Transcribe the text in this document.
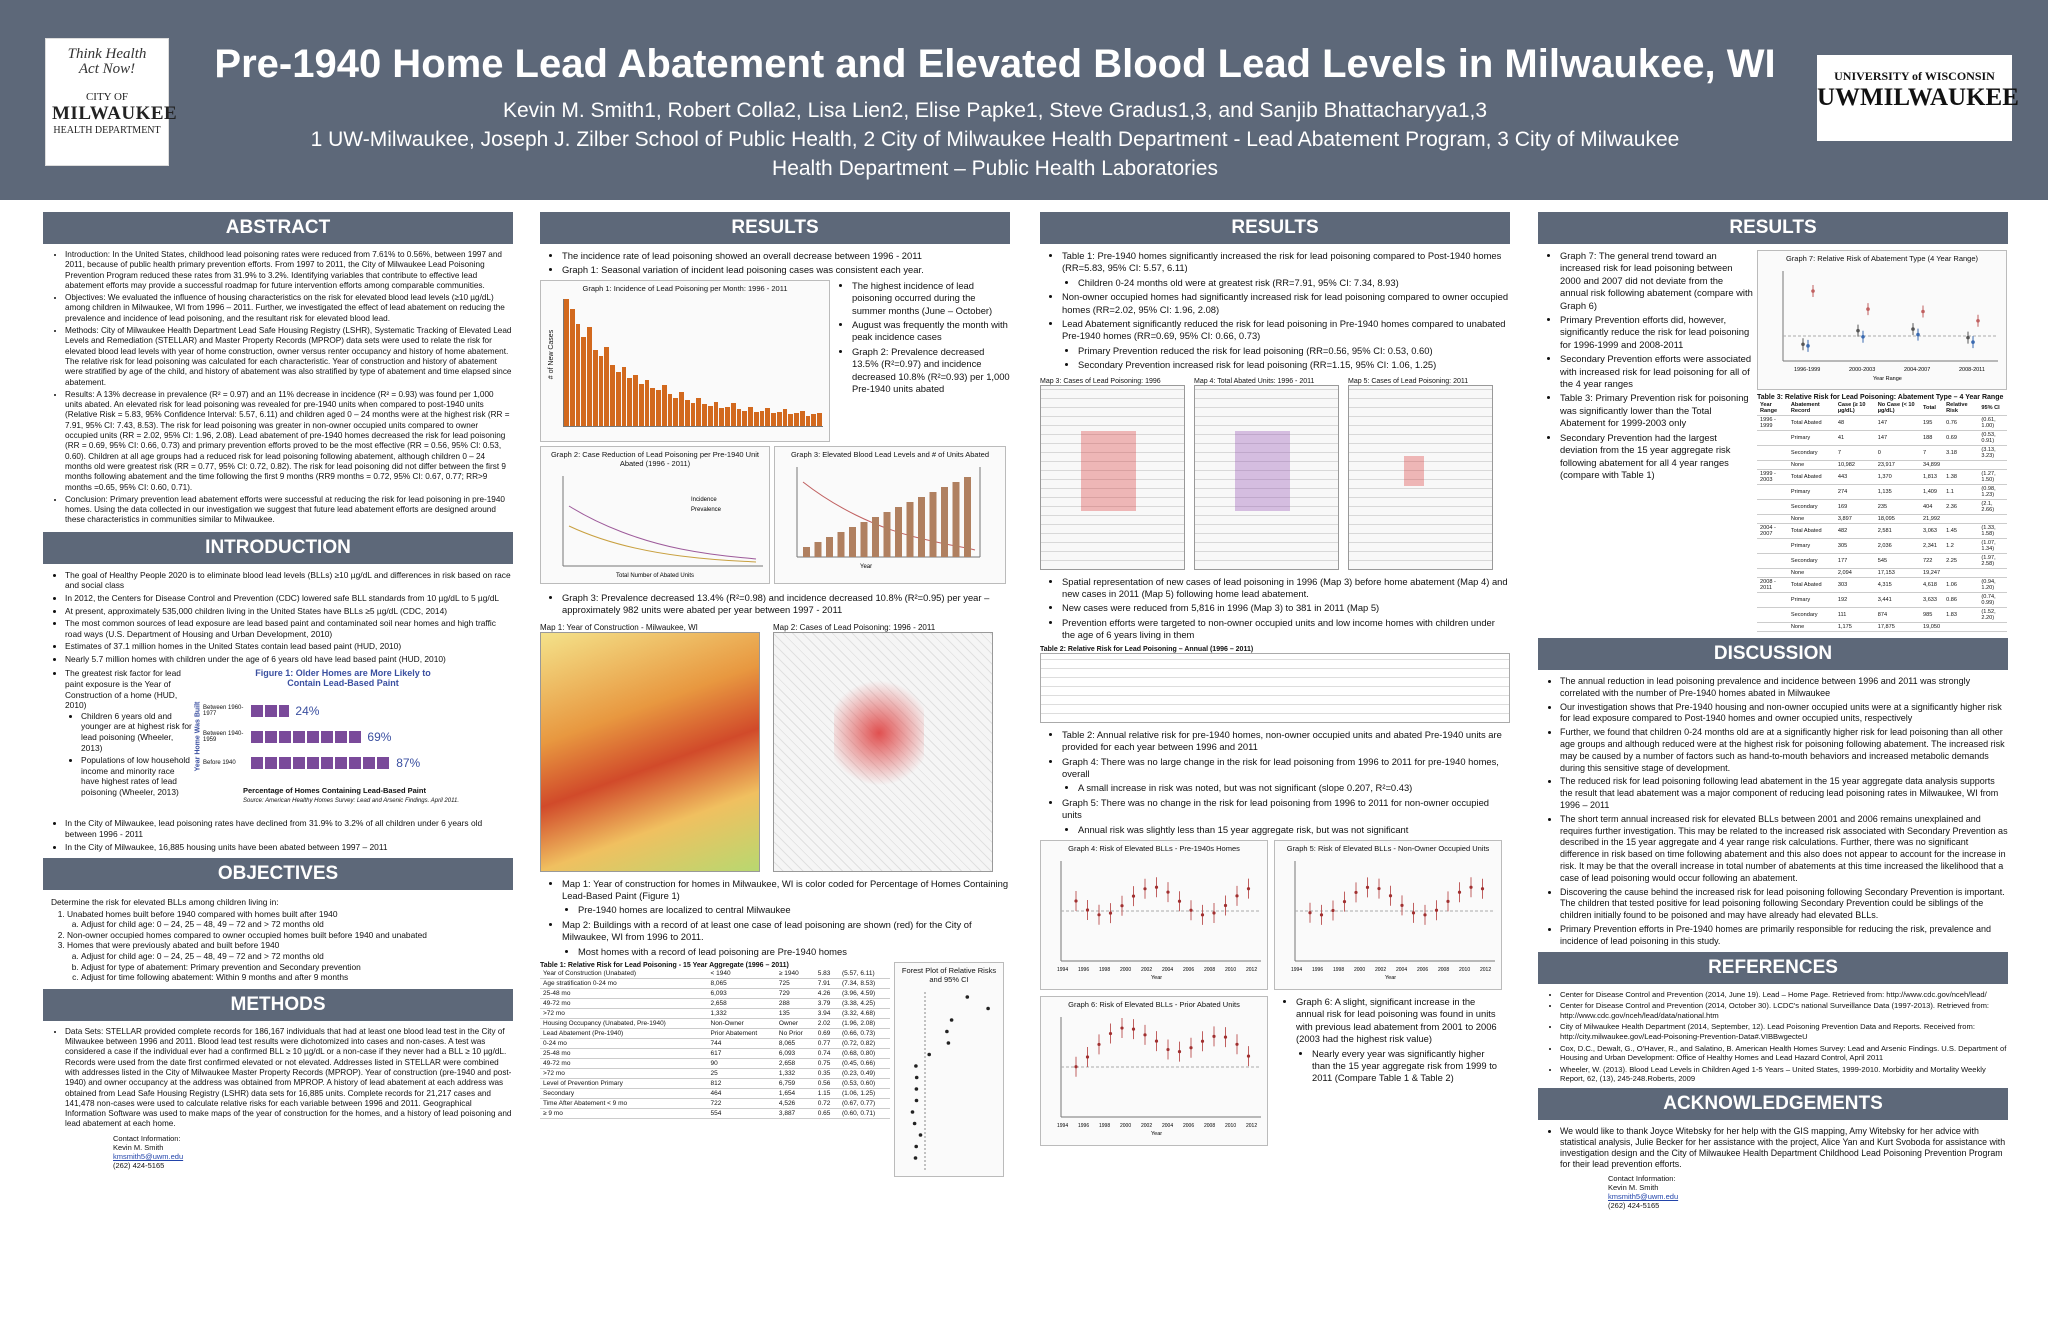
Think Health
Act Now!
CITY OF
MILWAUKEE
HEALTH DEPARTMENT
Pre-1940 Home Lead Abatement and Elevated Blood Lead Levels in Milwaukee, WI
Kevin M. Smith1, Robert Colla2, Lisa Lien2, Elise Papke1, Steve Gradus1,3, and Sanjib Bhattacharyya1,3
1 UW-Milwaukee, Joseph J. Zilber School of Public Health, 2 City of Milwaukee Health Department - Lead Abatement Program, 3 City of Milwaukee
Health Department – Public Health Laboratories
UNIVERSITY of WISCONSIN
UWMILWAUKEE
ABSTRACT
• Introduction: In the United States, childhood lead poisoning rates were reduced from 7.61% to 0.56%, between 1997 and 2011, because of public health primary prevention efforts. From 1997 to 2011, the City of Milwaukee Lead Poisoning Prevention Program reduced these rates from 31.9% to 3.2%. Identifying variables that contribute to effective lead abatement efforts may provide a successful roadmap for future intervention efforts among comparable communities.
• Objectives: We evaluated the influence of housing characteristics on the risk for elevated blood lead levels (≥10 µg/dL) among children in Milwaukee, WI from 1996 – 2011. Further, we investigated the effect of lead abatement on reducing the prevalence and incidence of lead poisoning, and the resultant risk for elevated blood lead.
• Methods: City of Milwaukee Health Department Lead Safe Housing Registry (LSHR), Systematic Tracking of Elevated Lead Levels and Remediation (STELLAR) and Master Property Records (MPROP) data sets were used to relate the risk for elevated blood lead levels with year of home construction, owner versus renter occupancy and history of home abatement. The relative risk for lead poisoning was calculated for each characteristic. Year of construction and history of abatement were stratified by age of the child, and history of abatement was also stratified by type of abatement and time elapsed since abatement.
• Results: A 13% decrease in prevalence (R² = 0.97) and an 11% decrease in incidence (R² = 0.93) was found per 1,000 units abated. An elevated risk for lead poisoning was revealed for pre-1940 units when compared to post-1940 units (Relative Risk = 5.83, 95% Confidence Interval: 5.57, 6.11) and children aged 0 – 24 months were at the highest risk (RR = 7.91, 95% CI: 7.43, 8.53). The risk for lead poisoning was greater in non-owner occupied units compared to owner occupied units (RR = 2.02, 95% CI: 1.96, 2.08). Lead abatement of pre-1940 homes decreased the risk for lead poisoning (RR = 0.69, 95% CI: 0.66, 0.73) and primary prevention efforts proved to be the most effective (RR = 0.56, 95% CI: 0.53, 0.60). Children at all age groups had a reduced risk for lead poisoning following abatement, although children 0 – 24 months old were greatest risk (RR = 0.77, 95% CI: 0.72, 0.82). The risk for lead poisoning did not differ between the first 9 months following abatement and the time following the first 9 months (RR9 months = 0.72, 95% CI: 0.67, 0.77; RR>9 months =0.65, 95% CI: 0.60, 0.71).
• Conclusion: Primary prevention lead abatement efforts were successful at reducing the risk for lead poisoning in pre-1940 homes. Using the data collected in our investigation we suggest that future lead abatement efforts are designed around these characteristics in communities similar to Milwaukee.
INTRODUCTION
• The goal of Healthy People 2020 is to eliminate blood lead levels (BLLs) ≥10 µg/dL and differences in risk based on race and social class
• In 2012, the Centers for Disease Control and Prevention (CDC) lowered safe BLL standards from 10 µg/dL to 5 µg/dL
• At present, approximately 535,000 children living in the United States have BLLs ≥5 µg/dL (CDC, 2014)
• The most common sources of lead exposure are lead based paint and contaminated soil near homes and high traffic road ways (U.S. Department of Housing and Urban Development, 2010)
• Estimates of 37.1 million homes in the United States contain lead based paint (HUD, 2010)
• Nearly 5.7 million homes with children under the age of 6 years old have lead based paint (HUD, 2010)
• The greatest risk factor for lead paint exposure is the Year of Construction of a home (HUD, 2010)
• Children 6 years old and younger are at highest risk for lead poisoning (Wheeler, 2013)
• Populations of low household income and minority race have highest rates of lead poisoning (Wheeler, 2013)
Figure 1: Older Homes are More Likely to Contain Lead-Based Paint
Year Home Was Built Between 1960-1977	24%
Between 1940-1959	69%
Before 1940	87%
Percentage of Homes Containing Lead-Based Paint
Source: American Healthy Homes Survey: Lead and Arsenic Findings. April 2011.
• In the City of Milwaukee, lead poisoning rates have declined from 31.9% to 3.2% of all children under 6 years old between 1996 - 2011
• In the City of Milwaukee, 16,885 housing units have been abated between 1997 – 2011
OBJECTIVES
Determine the risk for elevated BLLs among children living in:
1. Unabated homes built before 1940 compared with homes built after 1940
a. Adjust for child age: 0 – 24, 25 – 48, 49 – 72 and > 72 months old
2. Non-owner occupied homes compared to owner occupied homes built before 1940 and unabated
3. Homes that were previously abated and built before 1940
a. Adjust for child age: 0 – 24, 25 – 48, 49 – 72 and > 72 months old
b. Adjust for type of abatement: Primary prevention and Secondary prevention
c. Adjust for time following abatement: Within 9 months and after 9 months
METHODS
• Data Sets: STELLAR provided complete records for 186,167 individuals that had at least one blood lead test in the City of Milwaukee between 1996 and 2011. Blood lead test results were dichotomized into cases and non-cases. A test was considered a case if the individual ever had a confirmed BLL ≥ 10 µg/dL or a non-case if they never had a BLL ≥ 10 µg/dL. Records were used from the date first confirmed elevated or not elevated. Addresses listed in STELLAR were combined with addresses listed in the City of Milwaukee Master Property Records (MPROP). Year of construction (pre-1940 and post-1940) and owner occupancy at the address was obtained from MPROP. A history of lead abatement at each address was obtained from Lead Safe Housing Registry (LSHR) data sets for 16,885 units. Complete records for 21,217 cases and 141,478 non-cases were used to calculate relative risks for each variable between 1996 and 2011. Geographical Information Software was used to make maps of the year of construction for the homes, and a history of lead poisoning and lead abatement at each home.
Contact Information:
Kevin M. Smith
kmsmith5@uwm.edu
(262) 424-5165
RESULTS
• The incidence rate of lead poisoning showed an overall decrease between 1996 - 2011
• Graph 1: Seasonal variation of incident lead poisoning cases was consistent each year.
Graph 1: Incidence of Lead Poisoning per Month: 1996 - 2011
# of New Cases
• The highest incidence of lead poisoning occurred during the summer months (June – October)
• August was frequently the month with peak incidence cases
• Graph 2: Prevalence decreased 13.5% (R²=0.97) and incidence decreased 10.8% (R²=0.93) per 1,000 Pre-1940 units abated
Graph 2: Case Reduction of Lead Poisoning per Pre-1940 Unit Abated (1996 - 2011)
Incidence
Prevalence
Total Number of Abated Units
Graph 3: Elevated Blood Lead Levels and # of Units Abated
Year
• Graph 3: Prevalence decreased 13.4% (R²=0.98) and incidence decreased 10.8% (R²=0.95) per year – approximately 982 units were abated per year between 1997 - 2011
Map 1: Year of Construction - Milwaukee, WI	Map 2: Cases of Lead Poisoning: 1996 - 2011
• Map 1: Year of construction for homes in Milwaukee, WI is color coded for Percentage of Homes Containing Lead-Based Paint (Figure 1)
• Pre-1940 homes are localized to central Milwaukee
• Map 2: Buildings with a record of at least one case of lead poisoning are shown (red) for the City of Milwaukee, WI from 1996 to 2011.
• Most homes with a record of lead poisoning are Pre-1940 homes
Table 1: Relative Risk for Lead Poisoning - 15 Year Aggregate (1996 – 2011)
Year of Construction (Unabated)	< 1940	≥ 1940	5.83	(5.57, 6.11)
Age stratification 0-24 mo	8,065	725	7.91	(7.34, 8.53)
25-48 mo	6,093	729	4.26	(3.96, 4.59)
49-72 mo	2,658	288	3.79	(3.38, 4.25)
>72 mo	1,332	135	3.94	(3.32, 4.68)
Housing Occupancy (Unabated, Pre-1940)	Non-Owner	Owner	2.02	(1.96, 2.08)
Lead Abatement (Pre-1940)	Prior Abatement	No Prior	0.69	(0.66, 0.73)
0-24 mo	744	8,065	0.77	(0.72, 0.82)
25-48 mo	617	6,093	0.74	(0.68, 0.80)
49-72 mo	90	2,658	0.75	(0.45, 0.66)
>72 mo	25	1,332	0.35	(0.23, 0.49)
Level of Prevention Primary	812	6,759	0.56	(0.53, 0.60)
Secondary	464	1,654	1.15	(1.06, 1.25)
Time After Abatement < 9 mo	722	4,526	0.72	(0.67, 0.77)
≥ 9 mo	554	3,887	0.65	(0.60, 0.71)
Forest Plot of Relative Risks and 95% CI
RESULTS
• Table 1: Pre-1940 homes significantly increased the risk for lead poisoning compared to Post-1940 homes (RR=5.83, 95% CI: 5.57, 6.11)
• Children 0-24 months old were at greatest risk (RR=7.91, 95% CI: 7.34, 8.93)
• Non-owner occupied homes had significantly increased risk for lead poisoning compared to owner occupied homes (RR=2.02, 95% CI: 1.96, 2.08)
• Lead Abatement significantly reduced the risk for lead poisoning in Pre-1940 homes compared to unabated Pre-1940 homes (RR=0.69, 95% CI: 0.66, 0.73)
• Primary Prevention reduced the risk for lead poisoning (RR=0.56, 95% CI: 0.53, 0.60)
• Secondary Prevention increased risk for lead poisoning (RR=1.15, 95% CI: 1.06, 1.25)
Map 3: Cases of Lead Poisoning: 1996	Map 4: Total Abated Units: 1996 - 2011	Map 5: Cases of Lead Poisoning: 2011
• Spatial representation of new cases of lead poisoning in 1996 (Map 3) before home abatement (Map 4) and new cases in 2011 (Map 5) following home lead abatement.
• New cases were reduced from 5,816 in 1996 (Map 3) to 381 in 2011 (Map 5)
• Prevention efforts were targeted to non-owner occupied units and low income homes with children under the age of 6 years living in them
Table 2: Relative Risk for Lead Poisoning – Annual (1996 – 2011)
• Table 2: Annual relative risk for pre-1940 homes, non-owner occupied units and abated Pre-1940 units are provided for each year between 1996 and 2011
• Graph 4: There was no large change in the risk for lead poisoning from 1996 to 2011 for pre-1940 homes, overall
• A small increase in risk was noted, but was not significant (slope 0.207, R²=0.43)
• Graph 5: There was no change in the risk for lead poisoning from 1996 to 2011 for non-owner occupied units
• Annual risk was slightly less than 15 year aggregate risk, but was not significant
Graph 4: Risk of Elevated BLLs - Pre-1940s Homes
1994 1996 1998 2000 2002 2004 2006 2008 2010 2012
Year
Graph 5: Risk of Elevated BLLs - Non-Owner Occupied Units
1994 1996 1998 2000 2002 2004 2006 2008 2010 2012
Year
Graph 6: Risk of Elevated BLLs - Prior Abated Units
1994 1996 1998 2000 2002 2004 2006 2008 2010 2012
Year
• Graph 6: A slight, significant increase in the annual risk for lead poisoning was found in units with previous lead abatement from 2001 to 2006 (2003 had the highest risk value)
• Nearly every year was significantly higher than the 15 year aggregate risk from 1999 to 2011 (Compare Table 1 & Table 2)
RESULTS
• Graph 7: The general trend toward an increased risk for lead poisoning between 2000 and 2007 did not deviate from the annual risk following abatement (compare with Graph 6)
• Primary Prevention efforts did, however, significantly reduce the risk for lead poisoning for 1996-1999 and 2008-2011
• Secondary Prevention efforts were associated with increased risk for lead poisoning for all of the 4 year ranges
• Table 3: Primary Prevention risk for poisoning was significantly lower than the Total Abatement for 1999-2003 only
• Secondary Prevention had the largest deviation from the 15 year aggregate risk following abatement for all 4 year ranges (compare with Table 1)
Graph 7: Relative Risk of Abatement Type (4 Year Range)
1996-1999	2000-2003	2004-2007	2008-2011
Year Range
Table 3: Relative Risk for Lead Poisoning: Abatement Type – 4 Year Range
Year Range	Abatement Record	Case (≥ 10 µg/dL)	No Case (< 10 µg/dL)	Total	Relative Risk	95% CI
1996 - 1999	Total Abated	48	147	195	0.76	(0.61, 1.00)
	Primary	41	147	188	0.69	(0.53, 0.91)
	Secondary	7	0	7	3.18	(3.13, 3.23)
	None	10,982	23,917	34,899		
1999 - 2003	Total Abated	443	1,370	1,813	1.38	(1.27, 1.50)
	Primary	274	1,135	1,409	1.1	(0.98, 1.23)
	Secondary	169	235	404	2.36	(2.1, 2.66)
	None	3,897	18,095	21,992		
2004 - 2007	Total Abated	482	2,581	3,063	1.45	(1.33, 1.58)
	Primary	305	2,036	2,341	1.2	(1.07, 1.34)
	Secondary	177	545	722	2.25	(1.97, 2.58)
	None	2,094	17,153	19,247		
2008 - 2011	Total Abated	303	4,315	4,618	1.06	(0.94, 1.20)
	Primary	192	3,441	3,633	0.86	(0.74, 0.99)
	Secondary	111	874	985	1.83	(1.52, 2.20)
	None	1,175	17,875	19,050		
DISCUSSION
• The annual reduction in lead poisoning prevalence and incidence between 1996 and 2011 was strongly correlated with the number of Pre-1940 homes abated in Milwaukee
• Our investigation shows that Pre-1940 housing and non-owner occupied units were at a significantly higher risk for lead exposure compared to Post-1940 homes and owner occupied units, respectively
• Further, we found that children 0-24 months old are at a significantly higher risk for lead poisoning than all other age groups and although reduced were at the highest risk for poisoning following abatement. The increased risk may be caused by a number of factors such as hand-to-mouth behaviors and increased metabolic demands during this sensitive stage of development.
• The reduced risk for lead poisoning following lead abatement in the 15 year aggregate data analysis supports the result that lead abatement was a major component of reducing lead poisoning rates in Milwaukee, WI from 1996 – 2011
• The short term annual increased risk for elevated BLLs between 2001 and 2006 remains unexplained and requires further investigation. This may be related to the increased risk associated with Secondary Prevention as described in the 15 year aggregate and 4 year range risk calculations. Further, there was no significant difference in risk based on time following abatement and this also does not appear to account for the increase in risk. It may be that the overall increase in total number of abatements at this time increased the likelihood that a case of lead poisoning would occur following an abatement.
• Discovering the cause behind the increased risk for lead poisoning following Secondary Prevention is important. The children that tested positive for lead poisoning following Secondary Prevention could be siblings of the children initially found to be poisoned and may have already had elevated BLLs.
• Primary Prevention efforts in Pre-1940 homes are primarily responsible for reducing the risk, prevalence and incidence of lead poisoning in this study.
REFERENCES
• Center for Disease Control and Prevention (2014, June 19). Lead – Home Page. Retrieved from: http://www.cdc.gov/nceh/lead/
• Center for Disease Control and Prevention (2014, October 30). LCDC's national Surveillance Data (1997-2013). Retrieved from: http://www.cdc.gov/nceh/lead/data/national.htm
• City of Milwaukee Health Department (2014, September, 12). Lead Poisoning Prevention Data and Reports. Received from: http://city.milwaukee.gov/Lead-Poisoning-Prevention-Data#.VIBBwgecteU
• Cox, D.C., Dewalt, G., O'Haver, R., and Salatino, B. American Health Homes Survey: Lead and Arsenic Findings. U.S. Department of Housing and Urban Development: Office of Healthy Homes and Lead Hazard Control, April 2011
• Wheeler, W. (2013). Blood Lead Levels in Children Aged 1-5 Years – United States, 1999-2010. Morbidity and Mortality Weekly Report, 62, (13), 245-248.Roberts, 2009
ACKNOWLEDGEMENTS
• We would like to thank Joyce Witebsky for her help with the GIS mapping, Amy Witebsky for her advice with statistical analysis, Julie Becker for her assistance with the project, Alice Yan and Kurt Svoboda for assistance with investigation design and the City of Milwaukee Health Department Childhood Lead Poisoning Prevention Program for their lead prevention efforts.
Contact Information:
Kevin M. Smith
kmsmith5@uwm.edu
(262) 424-5165
